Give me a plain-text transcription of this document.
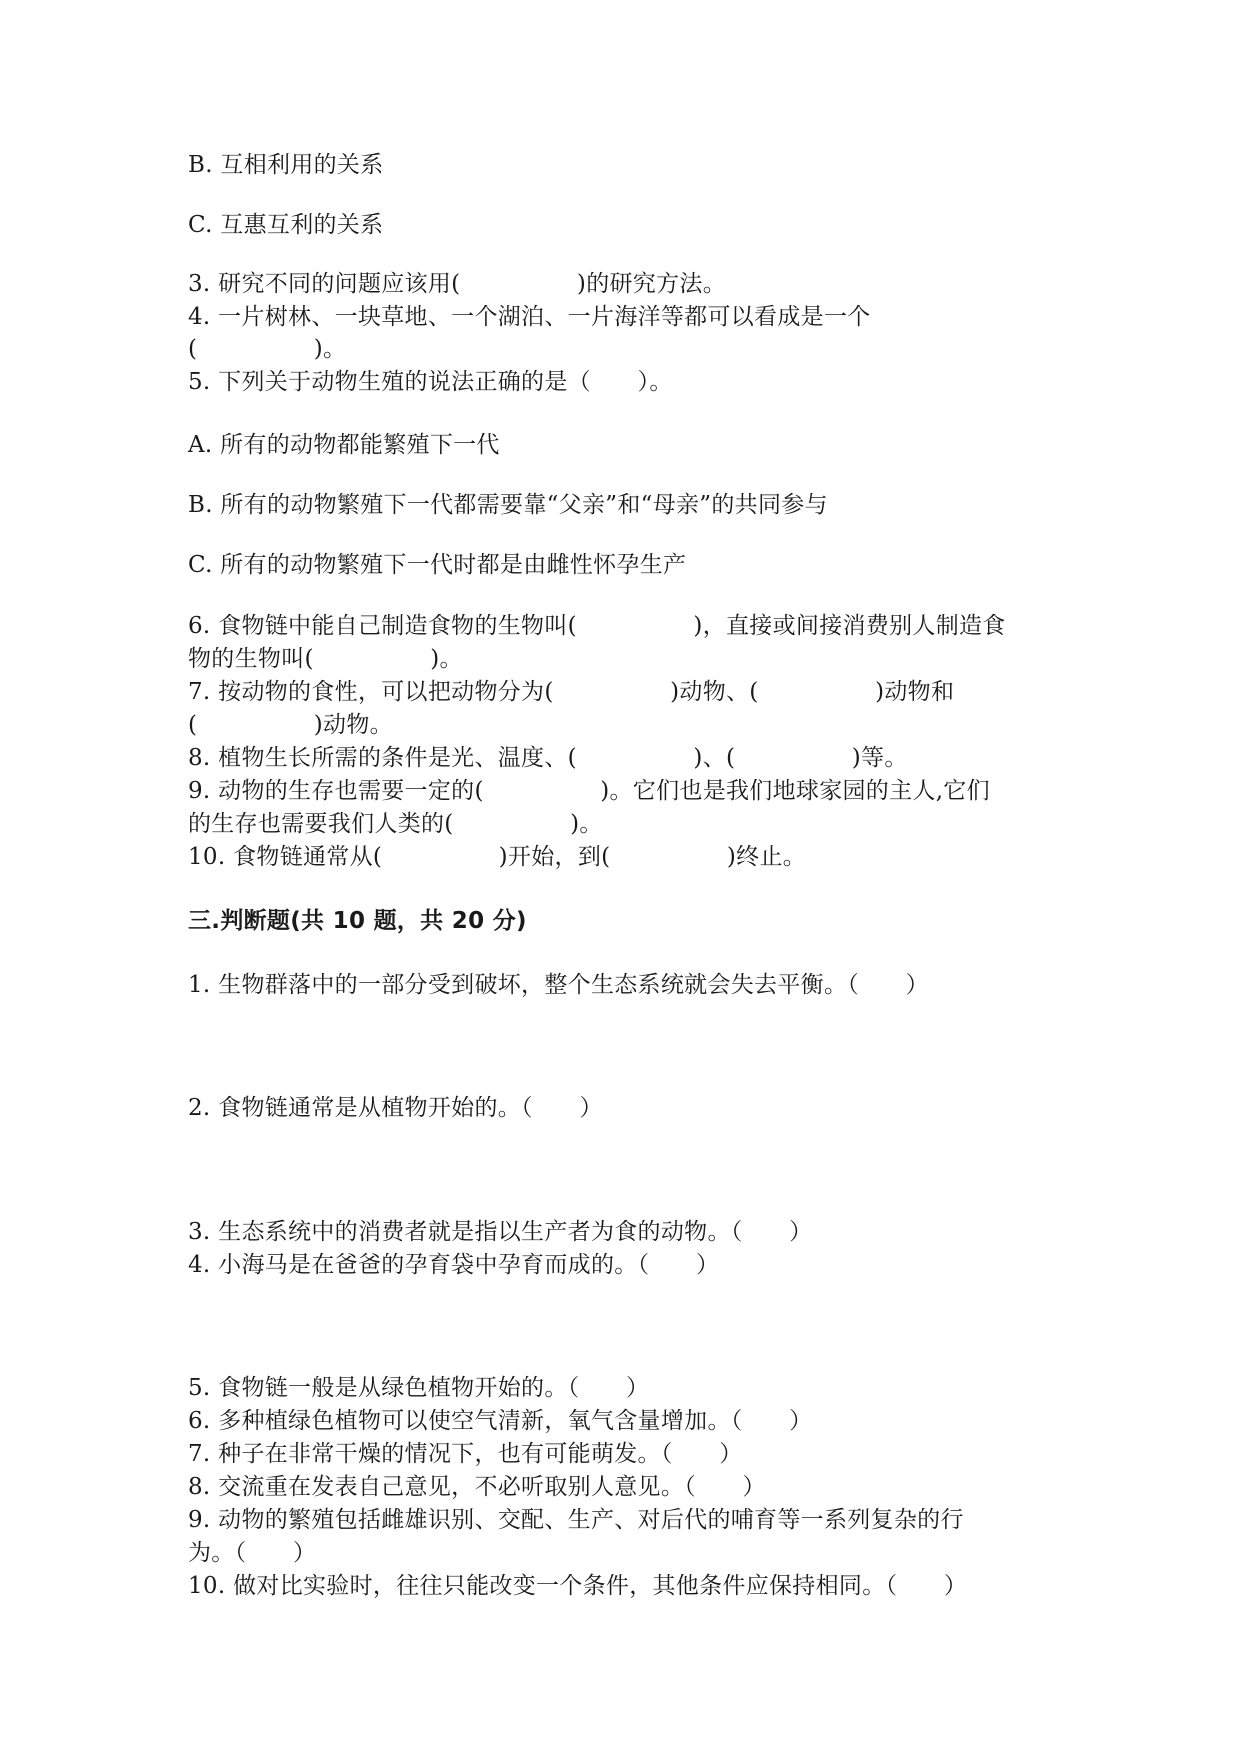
B. 互相利用的关系
C. 互惠互利的关系
3. 研究不同的问题应该用(　　　　　)的研究方法。
4. 一片树林、一块草地、一个湖泊、一片海洋等都可以看成是一个
(　　　　　)。
5. 下列关于动物生殖的说法正确的是（　　）。
A. 所有的动物都能繁殖下一代
B. 所有的动物繁殖下一代都需要靠“父亲”和“母亲”的共同参与
C. 所有的动物繁殖下一代时都是由雌性怀孕生产
6. 食物链中能自己制造食物的生物叫(　　　　　)，直接或间接消费别人制造食
物的生物叫(　　　　　)。
7. 按动物的食性，可以把动物分为(　　　　　)动物、(　　　　　)动物和
(　　　　　)动物。
8. 植物生长所需的条件是光、温度、(　　　　　)、(　　　　　)等。
9. 动物的生存也需要一定的(　　　　　)。它们也是我们地球家园的主人,它们
的生存也需要我们人类的(　　　　　)。
10. 食物链通常从(　　　　　)开始，到(　　　　　)终止。
三.判断题(共 10 题，共 20 分)
1. 生物群落中的一部分受到破坏，整个生态系统就会失去平衡。（　　）
2. 食物链通常是从植物开始的。（　　）
3. 生态系统中的消费者就是指以生产者为食的动物。（　　）
4. 小海马是在爸爸的孕育袋中孕育而成的。（　　）
5. 食物链一般是从绿色植物开始的。（　　）
6. 多种植绿色植物可以使空气清新，氧气含量增加。（　　）
7. 种子在非常干燥的情况下，也有可能萌发。（　　）
8. 交流重在发表自己意见，不必听取别人意见。（　　）
9. 动物的繁殖包括雌雄识别、交配、生产、对后代的哺育等一系列复杂的行
为。（　　）
10. 做对比实验时，往往只能改变一个条件，其他条件应保持相同。（　　）
